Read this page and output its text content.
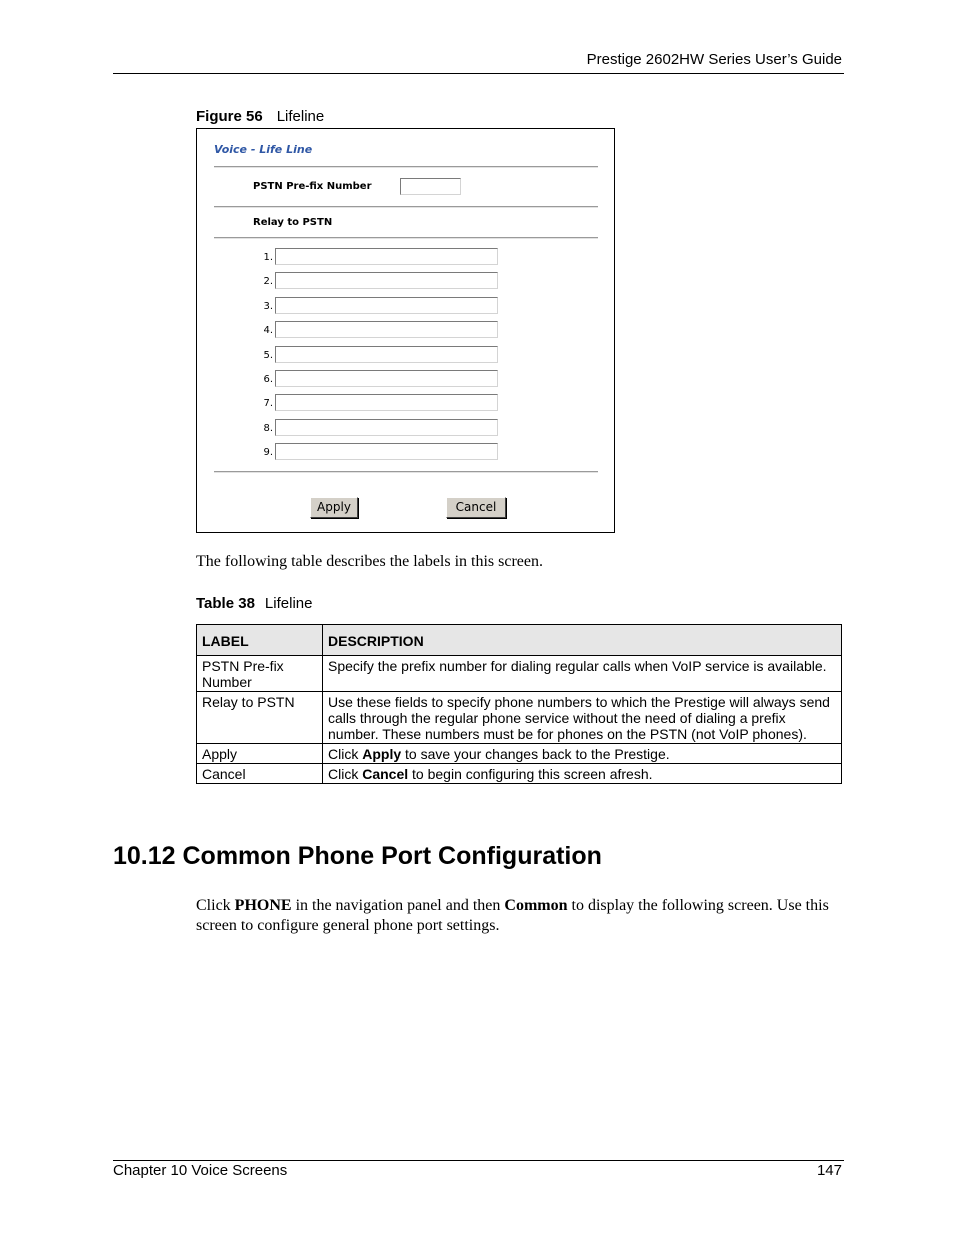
Prestige 2602HW Series User’s Guide
Figure 56 Lifeline
Voice - Life Line
PSTN Pre-fix Number
Relay to PSTN
1.
2.
3.
4.
5.
6.
7.
8.
9.
Apply	Cancel
The following table describes the labels in this screen.
Table 38 Lifeline
LABEL	DESCRIPTION
PSTN Pre-fix Number	Specify the prefix number for dialing regular calls when VoIP service is available.
Relay to PSTN	Use these fields to specify phone numbers to which the Prestige will always send calls through the regular phone service without the need of dialing a prefix number. These numbers must be for phones on the PSTN (not VoIP phones).
Apply	Click Apply to save your changes back to the Prestige.
Cancel	Click Cancel to begin configuring this screen afresh.
10.12 Common Phone Port Configuration
Click PHONE in the navigation panel and then Common to display the following screen. Use this screen to configure general phone port settings.
Chapter 10 Voice Screens	147
